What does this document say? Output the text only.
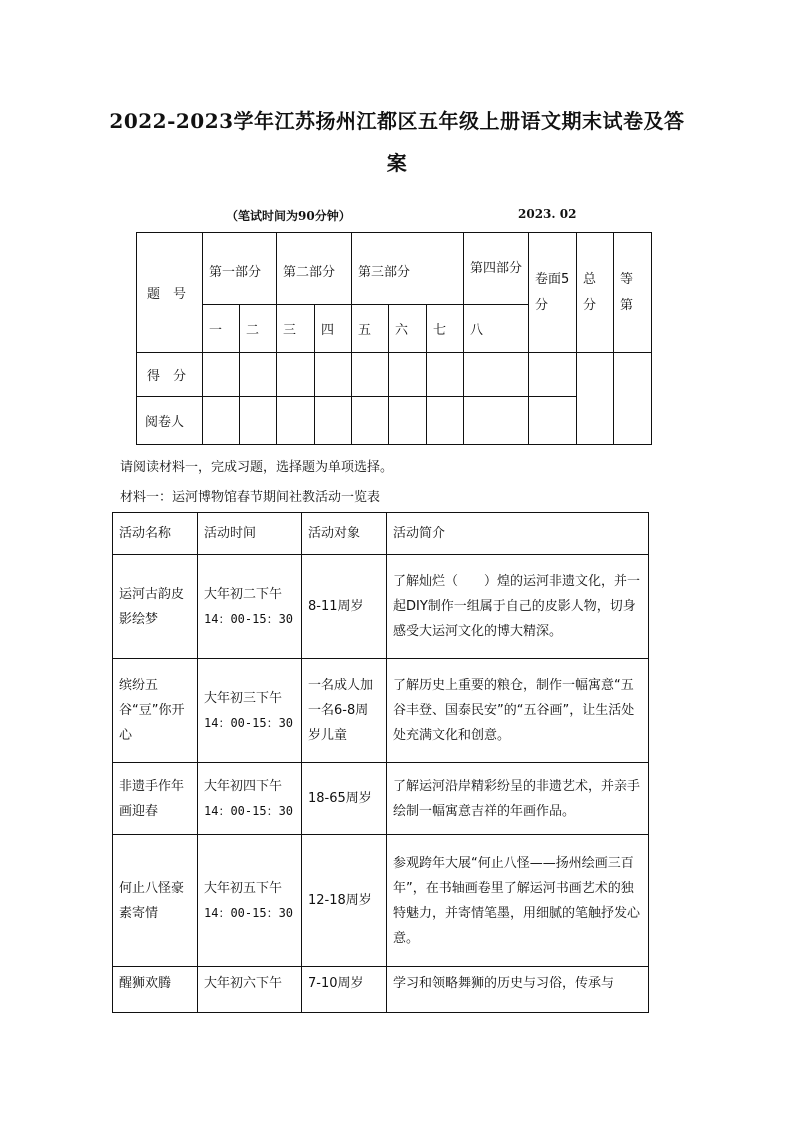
2022-2023学年江苏扬州江都区五年级上册语文期末试卷及答案
（笔试时间为90分钟）	2023. 02
题　号	第一部分		第二部分		第三部分			第四部分	卷面5分	总分	等第
	一	二	三	四	五	六	七	八			
得　分											
阅卷人											
请阅读材料一，完成习题，选择题为单项选择。
材料一：运河博物馆春节期间社教活动一览表
活动名称	活动时间	活动对象	活动简介
运河古韵皮影绘梦	大年初二下午
14：00-15：30	8-11周岁	了解灿烂（　　）煌的运河非遗文化，并一起DIY制作一组属于自己的皮影人物，切身感受大运河文化的博大精深。
缤纷五谷“豆”你开心	大年初三下午
14：00-15：30	一名成人加一名6-8周岁儿童	了解历史上重要的粮仓，制作一幅寓意“五谷丰登、国泰民安”的“五谷画”，让生活处处充满文化和创意。
非遗手作年画迎春	大年初四下午
14：00-15：30	18-65周岁	了解运河沿岸精彩纷呈的非遗艺术，并亲手绘制一幅寓意吉祥的年画作品。
何止八怪豪素寄情	大年初五下午
14：00-15：30	12-18周岁	参观跨年大展“何止八怪——扬州绘画三百年”，在书轴画卷里了解运河书画艺术的独特魅力，并寄情笔墨，用细腻的笔触抒发心意。
醒狮欢腾	大年初六下午	7-10周岁	学习和领略舞狮的历史与习俗，传承与
